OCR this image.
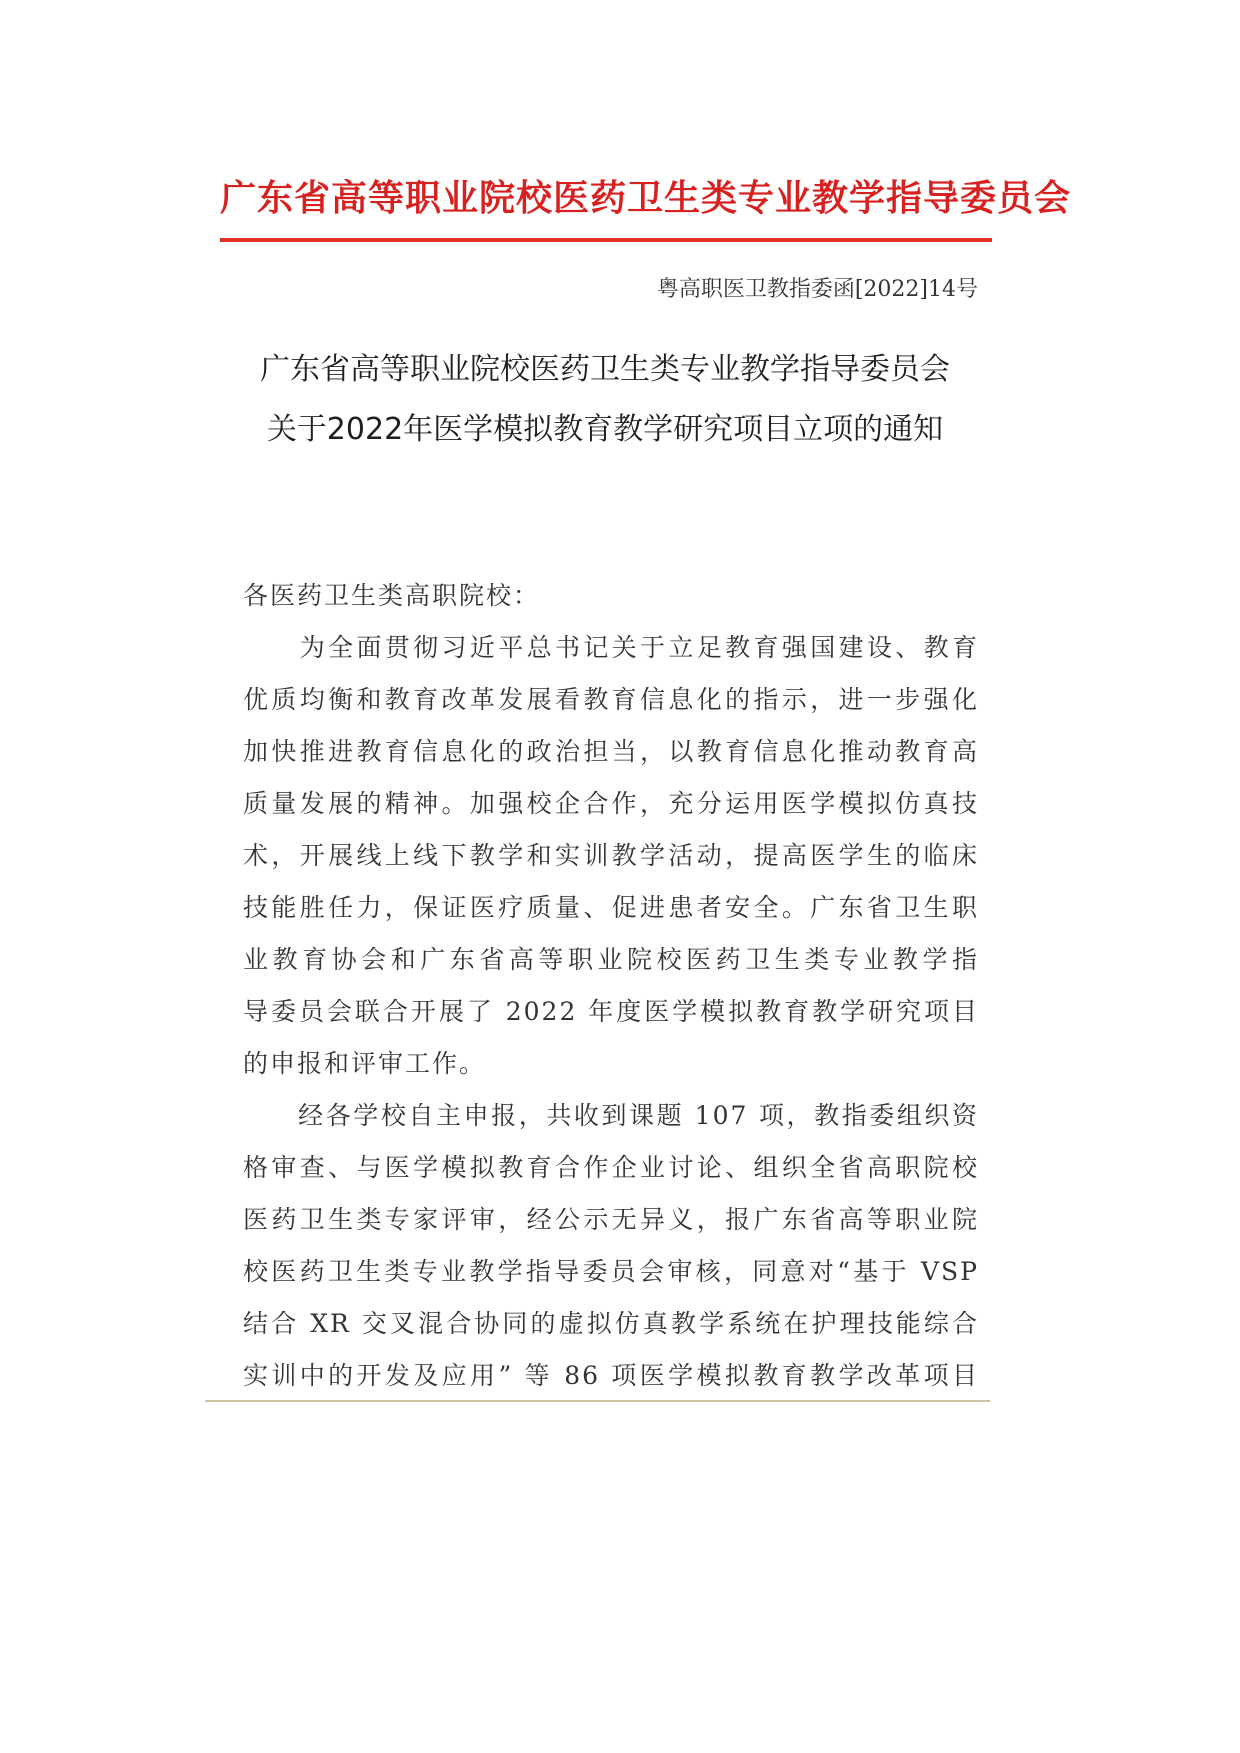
广东省高等职业院校医药卫生类专业教学指导委员会
粤高职医卫教指委函[2022]14号
广东省高等职业院校医药卫生类专业教学指导委员会
关于2022年医学模拟教育教学研究项目立项的通知
各医药卫生类高职院校：
　　为全面贯彻习近平总书记关于立足教育强国建设、教育
优质均衡和教育改革发展看教育信息化的指示，进一步强化
加快推进教育信息化的政治担当，以教育信息化推动教育高
质量发展的精神。加强校企合作，充分运用医学模拟仿真技
术，开展线上线下教学和实训教学活动，提高医学生的临床
技能胜任力，保证医疗质量、促进患者安全。广东省卫生职
业教育协会和广东省高等职业院校医药卫生类专业教学指
导委员会联合开展了 2022 年度医学模拟教育教学研究项目
的申报和评审工作。
　　经各学校自主申报，共收到课题 107 项，教指委组织资
格审查、与医学模拟教育合作企业讨论、组织全省高职院校
医药卫生类专家评审，经公示无异义，报广东省高等职业院
校医药卫生类专业教学指导委员会审核，同意对“基于 VSP
结合 XR 交叉混合协同的虚拟仿真教学系统在护理技能综合
实训中的开发及应用” 等 86 项医学模拟教育教学改革项目
